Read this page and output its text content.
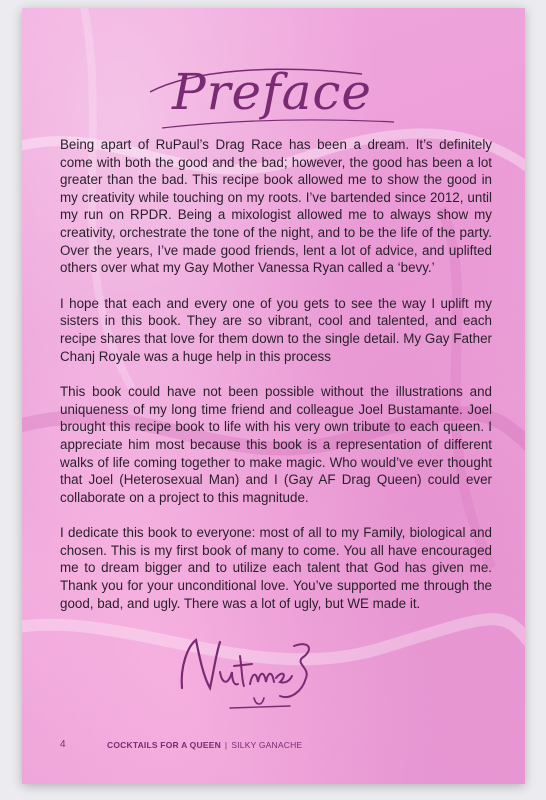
Preface

Being apart of RuPaul’s Drag Race has been a dream. It’s definitely come with both the good and the bad; however, the good has been a lot greater than the bad. This recipe book allowed me to show the good in my creativity while touching on my roots. I’ve bartended since 2012, until my run on RPDR. Being a mixologist allowed me to always show my creativity, orchestrate the tone of the night, and to be the life of the party. Over the years, I’ve made good friends, lent a lot of advice, and uplifted others over what my Gay Mother Vanessa Ryan called a ‘bevy.’

I hope that each and every one of you gets to see the way I uplift my sisters in this book. They are so vibrant, cool and talented, and each recipe shares that love for them down to the single detail. My Gay Father Chanj Royale was a huge help in this process

This book could have not been possible without the illustrations and uniqueness of my long time friend and colleague Joel Bustamante. Joel brought this recipe book to life with his very own tribute to each queen. I appreciate him most because this book is a representation of different walks of life coming together to make magic. Who would’ve ever thought that Joel (Heterosexual Man) and I (Gay AF Drag Queen) could ever collaborate on a project to this magnitude.

I dedicate this book to everyone: most of all to my Family, biological and chosen. This is my first book of many to come. You all have encouraged me to dream bigger and to utilize each talent that God has given me. Thank you for your unconditional love. You’ve supported me through the good, bad, and ugly. There was a lot of ugly, but WE made it.

4	COCKTAILS FOR A QUEEN | SILKY GANACHE
